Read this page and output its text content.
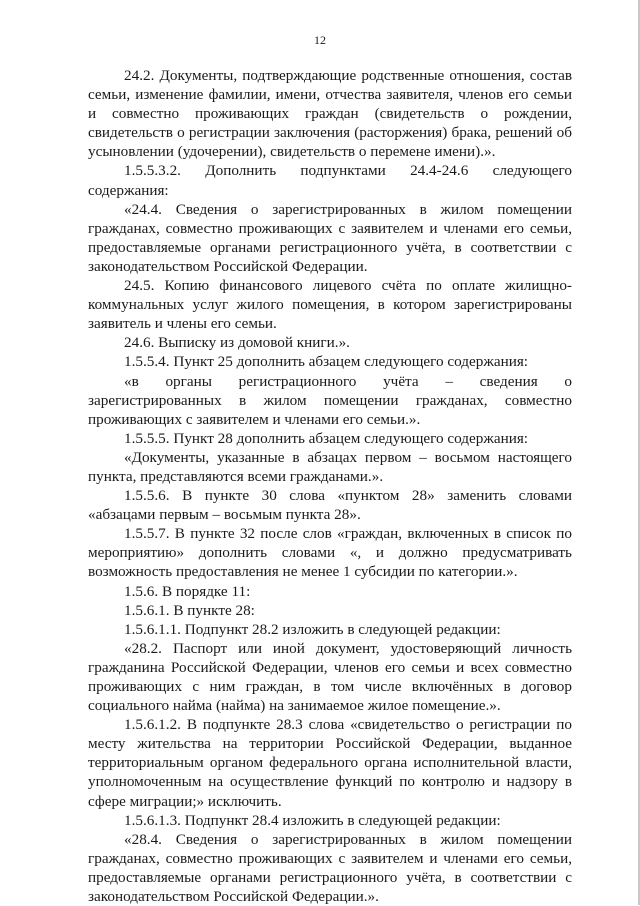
12

24.2. Документы, подтверждающие родственные отношения, состав семьи, изменение фамилии, имени, отчества заявителя, членов его семьи и совместно проживающих граждан (свидетельств о рождении, свидетельств о регистрации заключения (расторжения) брака, решений об усыновлении (удочерении), свидетельств о перемене имени).».

1.5.5.3.2. Дополнить подпунктами 24.4-24.6 следующего содержания:

«24.4. Сведения о зарегистрированных в жилом помещении гражданах, совместно проживающих с заявителем и членами его семьи, предоставляемые органами регистрационного учёта, в соответствии с законодательством Российской Федерации.

24.5. Копию финансового лицевого счёта по оплате жилищно-коммунальных услуг жилого помещения, в котором зарегистрированы заявитель и члены его семьи.

24.6. Выписку из домовой книги.».

1.5.5.4. Пункт 25 дополнить абзацем следующего содержания:

«в органы регистрационного учёта – сведения о зарегистрированных в жилом помещении гражданах, совместно проживающих с заявителем и членами его семьи.».

1.5.5.5. Пункт 28 дополнить абзацем следующего содержания:

«Документы, указанные в абзацах первом – восьмом настоящего пункта, представляются всеми гражданами.».

1.5.5.6. В пункте 30 слова «пунктом 28» заменить словами «абзацами первым – восьмым пункта 28».

1.5.5.7. В пункте 32 после слов «граждан, включенных в список по мероприятию» дополнить словами «, и должно предусматривать возможность предоставления не менее 1 субсидии по категории.».

1.5.6. В порядке 11:

1.5.6.1. В пункте 28:

1.5.6.1.1. Подпункт 28.2 изложить в следующей редакции:

«28.2. Паспорт или иной документ, удостоверяющий личность гражданина Российской Федерации, членов его семьи и всех совместно проживающих с ним граждан, в том числе включённых в договор социального найма (найма) на занимаемое жилое помещение.».

1.5.6.1.2. В подпункте 28.3 слова «свидетельство о регистрации по месту жительства на территории Российской Федерации, выданное территориальным органом федерального органа исполнительной власти, уполномоченным на осуществление функций по контролю и надзору в сфере миграции;» исключить.

1.5.6.1.3. Подпункт 28.4 изложить в следующей редакции:

«28.4. Сведения о зарегистрированных в жилом помещении гражданах, совместно проживающих с заявителем и членами его семьи, предоставляемые органами регистрационного учёта, в соответствии с законодательством Российской Федерации.».
